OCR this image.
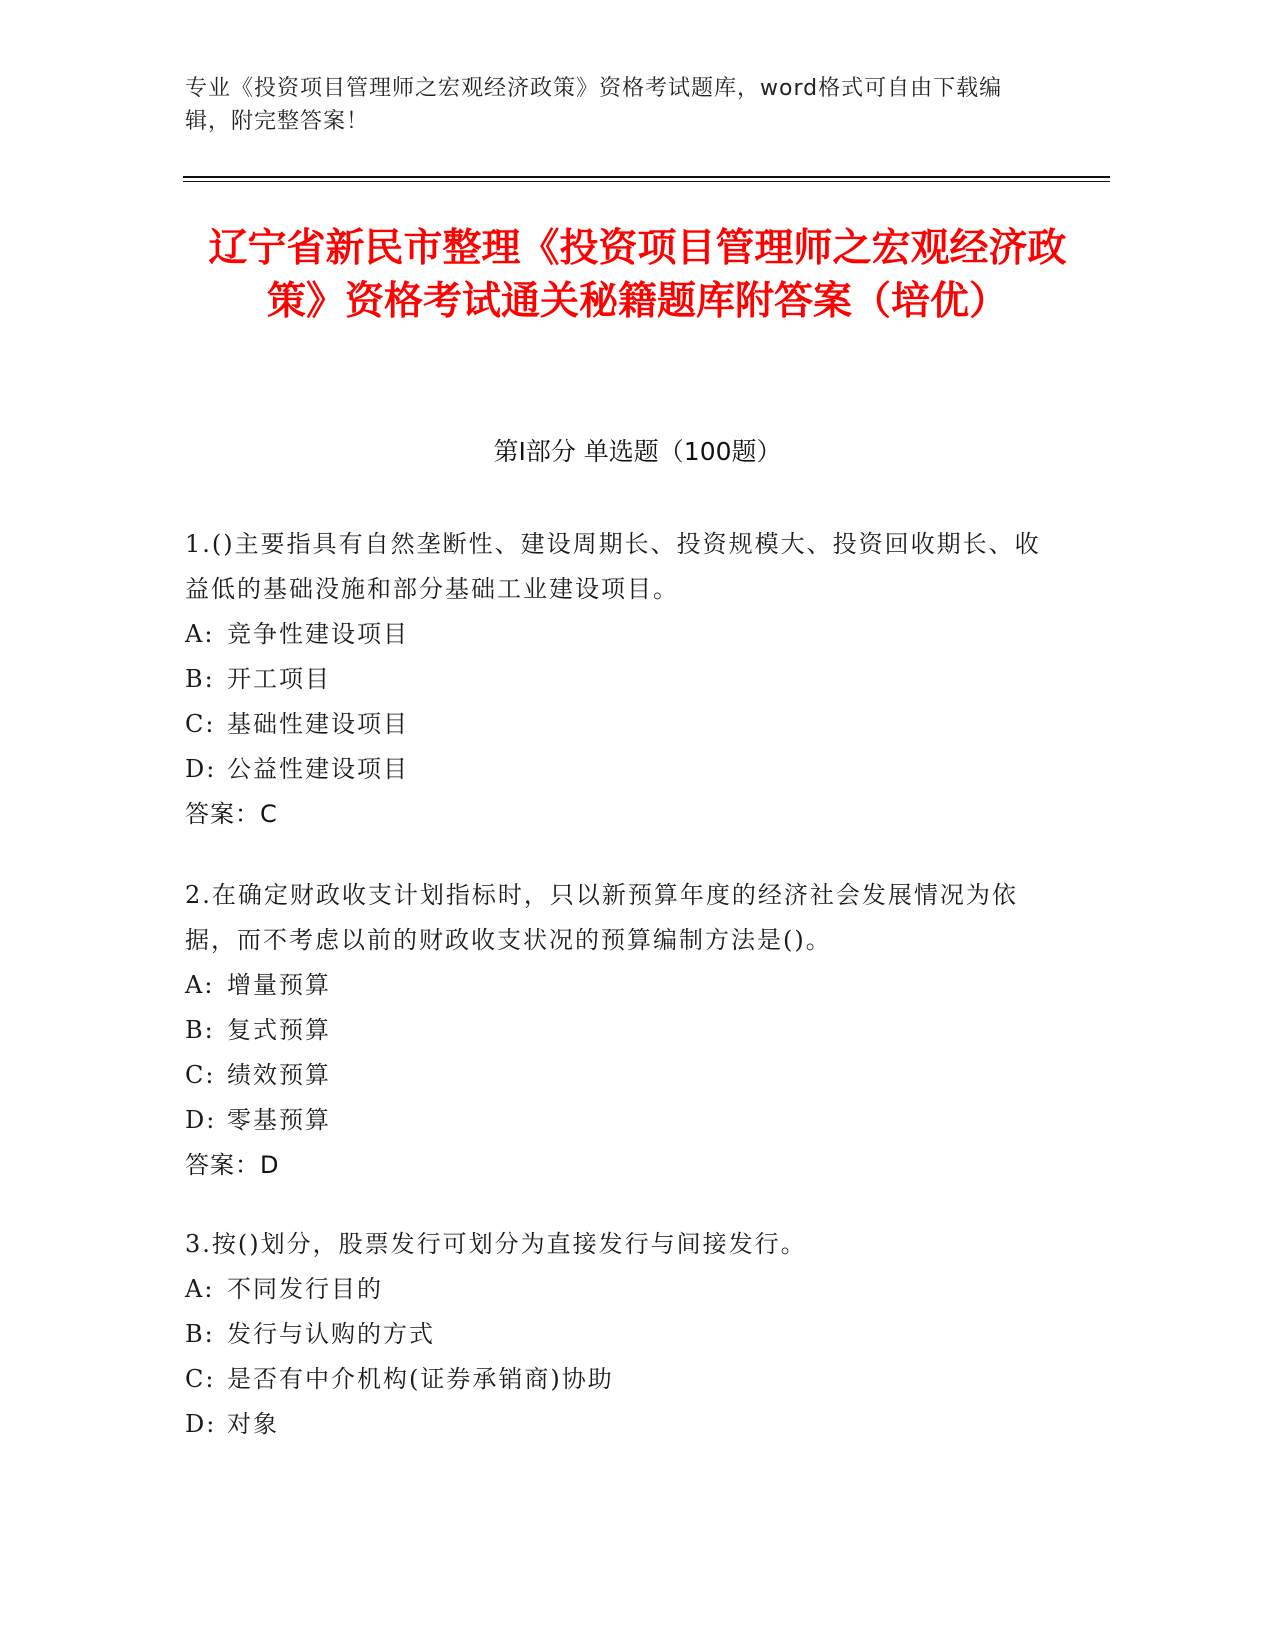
专业《投资项目管理师之宏观经济政策》资格考试题库，word格式可自由下载编辑，附完整答案！
辽宁省新民市整理《投资项目管理师之宏观经济政策》资格考试通关秘籍题库附答案（培优）
第I部分 单选题（100题）
1.()主要指具有自然垄断性、建设周期长、投资规模大、投资回收期长、收益低的基础没施和部分基础工业建设项目。
A: 竞争性建设项目
B: 开工项目
C: 基础性建设项目
D: 公益性建设项目
答案：C
2.在确定财政收支计划指标时，只以新预算年度的经济社会发展情况为依据，而不考虑以前的财政收支状况的预算编制方法是()。
A: 增量预算
B: 复式预算
C: 绩效预算
D: 零基预算
答案：D
3.按()划分，股票发行可划分为直接发行与间接发行。
A: 不同发行目的
B: 发行与认购的方式
C: 是否有中介机构(证券承销商)协助
D: 对象
